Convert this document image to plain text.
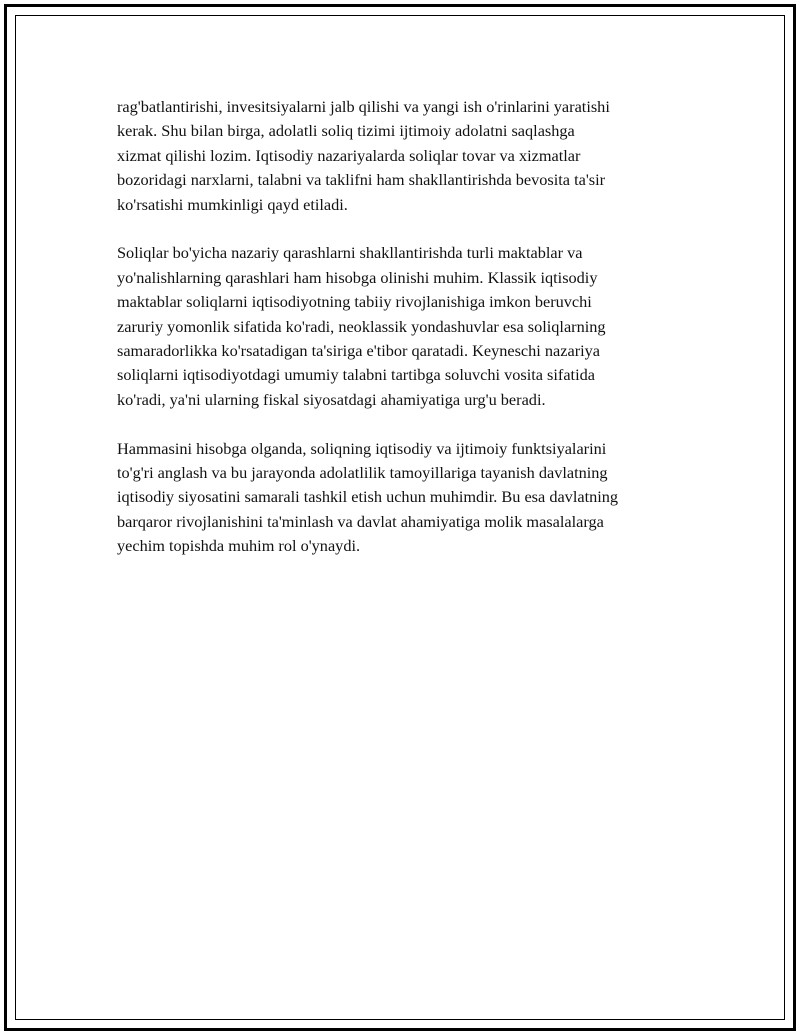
rag'batlantirishi, invesitsiyalarni jalb qilishi va yangi ish o'rinlarini yaratishi
kerak. Shu bilan birga, adolatli soliq tizimi ijtimoiy adolatni saqlashga
xizmat qilishi lozim. Iqtisodiy nazariyalarda soliqlar tovar va xizmatlar
bozoridagi narxlarni, talabni va taklifni ham shakllantirishda bevosita ta'sir
ko'rsatishi mumkinligi qayd etiladi.

Soliqlar bo'yicha nazariy qarashlarni shakllantirishda turli maktablar va
yo'nalishlarning qarashlari ham hisobga olinishi muhim. Klassik iqtisodiy
maktablar soliqlarni iqtisodiyotning tabiiy rivojlanishiga imkon beruvchi
zaruriy yomonlik sifatida ko'radi, neoklassik yondashuvlar esa soliqlarning
samaradorlikka ko'rsatadigan ta'siriga e'tibor qaratadi. Keyneschi nazariya
soliqlarni iqtisodiyotdagi umumiy talabni tartibga soluvchi vosita sifatida
ko'radi, ya'ni ularning fiskal siyosatdagi ahamiyatiga urg'u beradi.

Hammasini hisobga olganda, soliqning iqtisodiy va ijtimoiy funktsiyalarini
to'g'ri anglash va bu jarayonda adolatlilik tamoyillariga tayanish davlatning
iqtisodiy siyosatini samarali tashkil etish uchun muhimdir. Bu esa davlatning
barqaror rivojlanishini ta'minlash va davlat ahamiyatiga molik masalalarga
yechim topishda muhim rol o'ynaydi.
